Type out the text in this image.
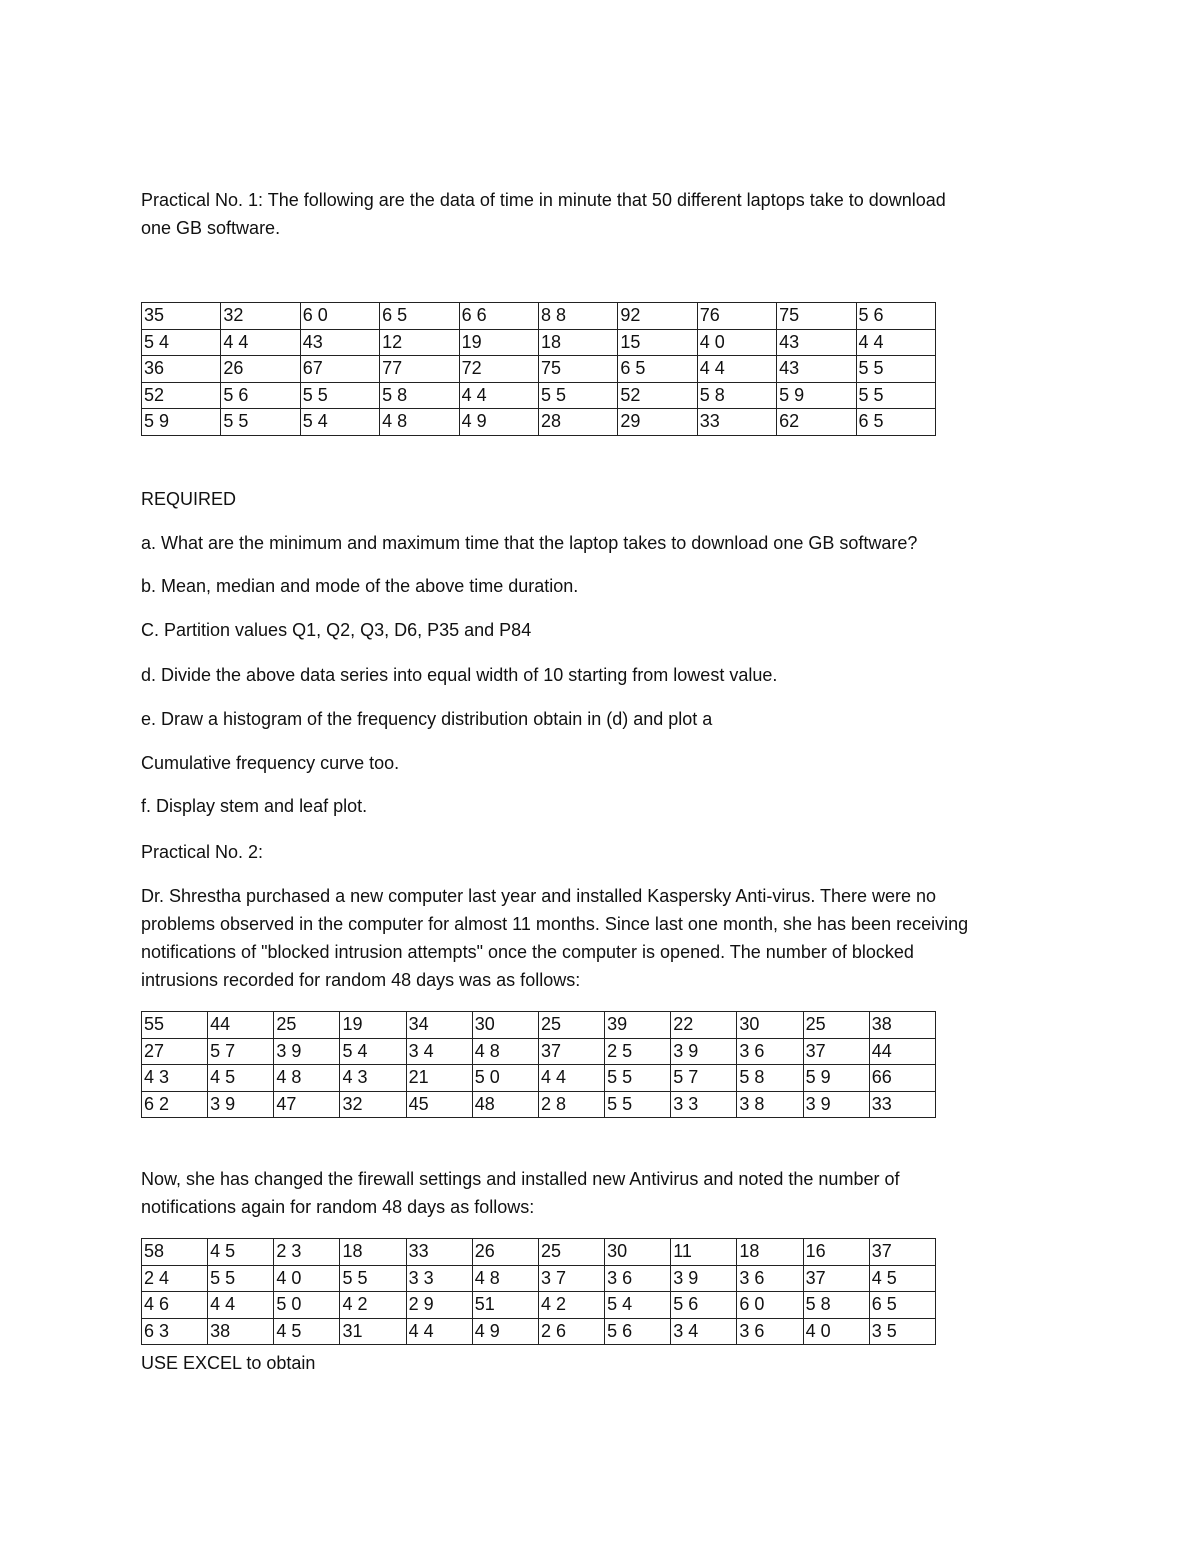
Practical No. 1: The following are the data of time in minute that 50 different laptops take to download

one GB software.

35	32	6 0	6 5	6 6	8 8	92	76	75	5 6
5 4	4 4	43	12	19	18	15	4 0	43	4 4
36	26	67	77	72	75	6 5	4 4	43	5 5
52	5 6	5 5	5 8	4 4	5 5	52	5 8	5 9	5 5
5 9	5 5	5 4	4 8	4 9	28	29	33	62	6 5

REQUIRED

a. What are the minimum and maximum time that the laptop takes to download one GB software?

b. Mean, median and mode of the above time duration.

C. Partition values Q1, Q2, Q3, D6, P35 and P84

d. Divide the above data series into equal width of 10 starting from lowest value.

e. Draw a histogram of the frequency distribution obtain in (d) and plot a

Cumulative frequency curve too.

f. Display stem and leaf plot.

Practical No. 2:

Dr. Shrestha purchased a new computer last year and installed Kaspersky Anti-virus. There were no
problems observed in the computer for almost 11 months. Since last one month, she has been receiving
notifications of "blocked intrusion attempts" once the computer is opened. The number of blocked
intrusions recorded for random 48 days was as follows:
55	44	25	19	34	30	25	39	22	30	25	38
27	5 7	3 9	5 4	3 4	4 8	37	2 5	3 9	3 6	37	44
4 3	4 5	4 8	4 3	21	5 0	4 4	5 5	5 7	5 8	5 9	66
6 2	3 9	47	32	45	48	2 8	5 5	3 3	3 8	3 9	33
Now, she has changed the firewall settings and installed new Antivirus and noted the number of
notifications again for random 48 days as follows:
58	4 5	2 3	18	33	26	25	30	11	18	16	37
2 4	5 5	4 0	5 5	3 3	4 8	3 7	3 6	3 9	3 6	37	4 5
4 6	4 4	5 0	4 2	2 9	51	4 2	5 4	5 6	6 0	5 8	6 5
6 3	38	4 5	31	4 4	4 9	2 6	5 6	3 4	3 6	4 0	3 5

USE EXCEL to obtain
